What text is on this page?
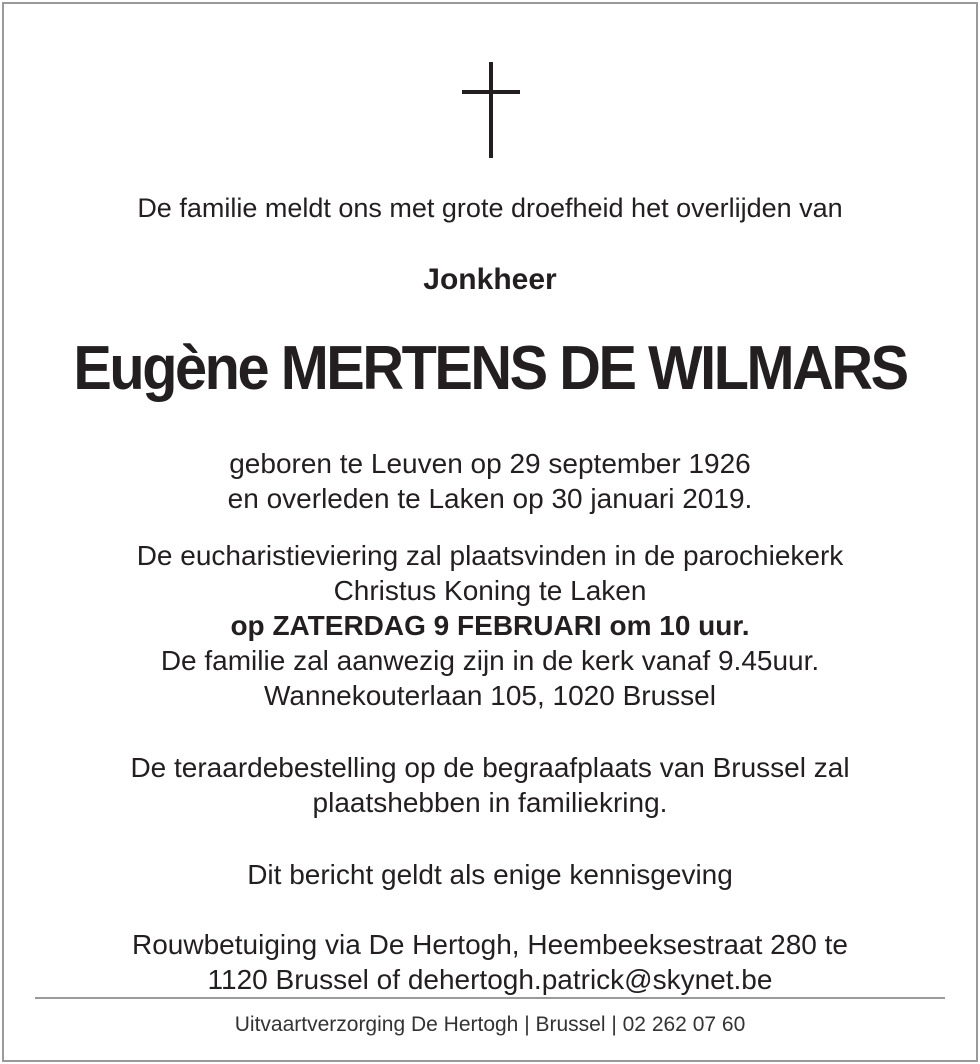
De familie meldt ons met grote droefheid het overlijden van
Jonkheer
Eugène MERTENS DE WILMARS
geboren te Leuven op 29 september 1926
en overleden te Laken op 30 januari 2019.
De eucharistieviering zal plaatsvinden in de parochiekerk
Christus Koning te Laken
op ZATERDAG 9 FEBRUARI om 10 uur.
De familie zal aanwezig zijn in de kerk vanaf 9.45uur.
Wannekouterlaan 105, 1020 Brussel
De teraardebestelling op de begraafplaats van Brussel zal
plaatshebben in familiekring.
Dit bericht geldt als enige kennisgeving
Rouwbetuiging via De Hertogh, Heembeeksestraat 280 te
1120 Brussel of dehertogh.patrick@skynet.be
Uitvaartverzorging De Hertogh | Brussel | 02 262 07 60
